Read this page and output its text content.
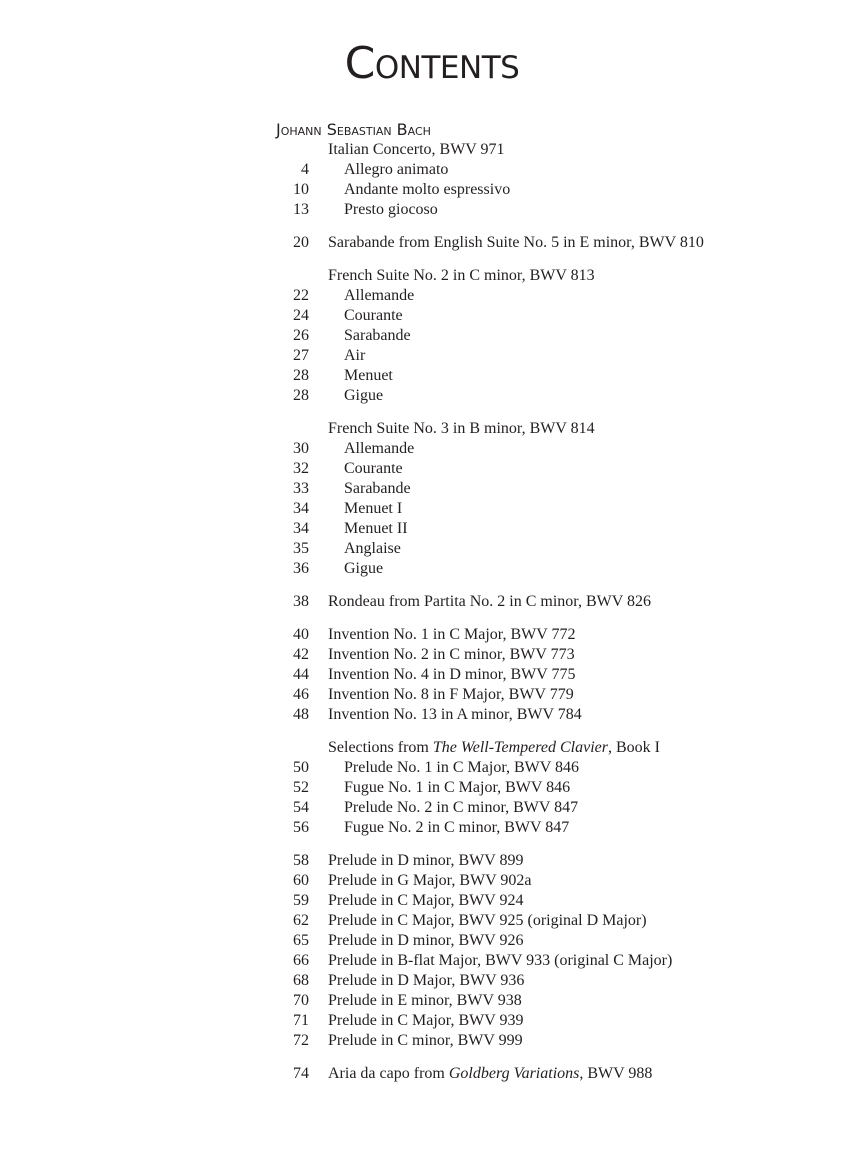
Contents
Johann Sebastian Bach
Italian Concerto, BWV 971
4 Allegro animato
10 Andante molto espressivo
13 Presto giocoso
20 Sarabande from English Suite No. 5 in E minor, BWV 810
French Suite No. 2 in C minor, BWV 813
22 Allemande
24 Courante
26 Sarabande
27 Air
28 Menuet
28 Gigue
French Suite No. 3 in B minor, BWV 814
30 Allemande
32 Courante
33 Sarabande
34 Menuet I
34 Menuet II
35 Anglaise
36 Gigue
38 Rondeau from Partita No. 2 in C minor, BWV 826
40 Invention No. 1 in C Major, BWV 772
42 Invention No. 2 in C minor, BWV 773
44 Invention No. 4 in D minor, BWV 775
46 Invention No. 8 in F Major, BWV 779
48 Invention No. 13 in A minor, BWV 784
Selections from The Well-Tempered Clavier, Book I
50 Prelude No. 1 in C Major, BWV 846
52 Fugue No. 1 in C Major, BWV 846
54 Prelude No. 2 in C minor, BWV 847
56 Fugue No. 2 in C minor, BWV 847
58 Prelude in D minor, BWV 899
60 Prelude in G Major, BWV 902a
59 Prelude in C Major, BWV 924
62 Prelude in C Major, BWV 925 (original D Major)
65 Prelude in D minor, BWV 926
66 Prelude in B-flat Major, BWV 933 (original C Major)
68 Prelude in D Major, BWV 936
70 Prelude in E minor, BWV 938
71 Prelude in C Major, BWV 939
72 Prelude in C minor, BWV 999
74 Aria da capo from Goldberg Variations, BWV 988
